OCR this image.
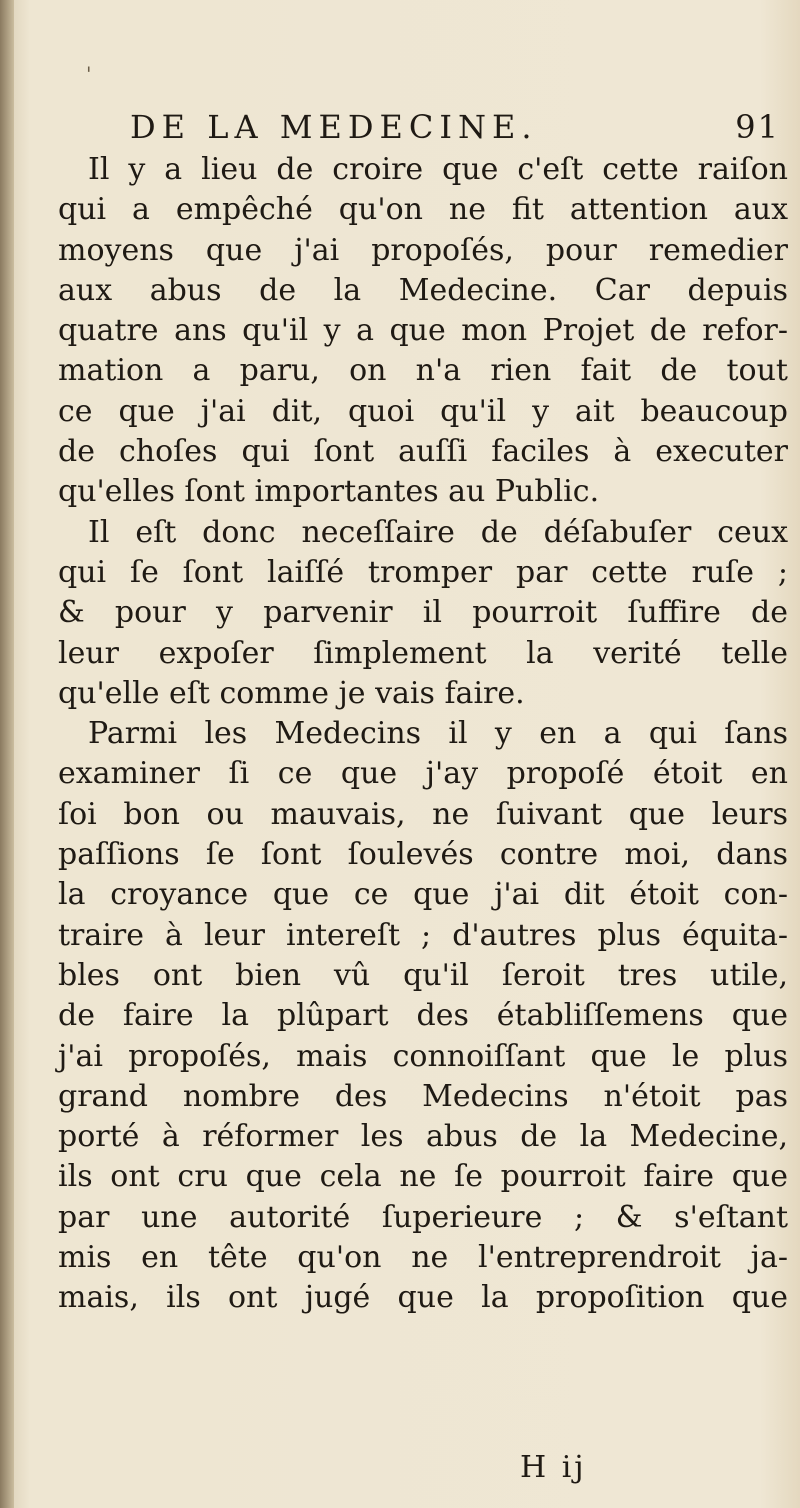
'
DE LA MEDECINE.	91
Il y a lieu de croire que c'eſt cette raiſon
qui a empêché qu'on ne fit attention aux
moyens que j'ai propoſés, pour remedier
aux abus de la Medecine. Car depuis
quatre ans qu'il y a que mon Projet de refor-
mation a paru, on n'a rien fait de tout
ce que j'ai dit, quoi qu'il y ait beaucoup
de choſes qui ſont auſſi faciles à executer
qu'elles ſont importantes au Public.
Il eſt donc neceſſaire de déſabuſer ceux
qui ſe ſont laiſſé tromper par cette ruſe ;
& pour y parvenir il pourroit ſuffire de
leur expoſer ſimplement la verité telle
qu'elle eſt comme je vais faire.
Parmi les Medecins il y en a qui ſans
examiner ſi ce que j'ay propoſé étoit en
ſoi bon ou mauvais, ne ſuivant que leurs
paſſions ſe ſont ſoulevés contre moi, dans
la croyance que ce que j'ai dit étoit con-
traire à leur intereſt ; d'autres plus équita-
bles ont bien vû qu'il ſeroit tres utile,
de faire la plûpart des établiſſemens que
j'ai propoſés, mais connoiſſant que le plus
grand nombre des Medecins n'étoit pas
porté à réformer les abus de la Medecine,
ils ont cru que cela ne ſe pourroit faire que
par une autorité ſuperieure ; & s'eſtant
mis en tête qu'on ne l'entreprendroit ja-
mais, ils ont jugé que la propoſition que
H ij
